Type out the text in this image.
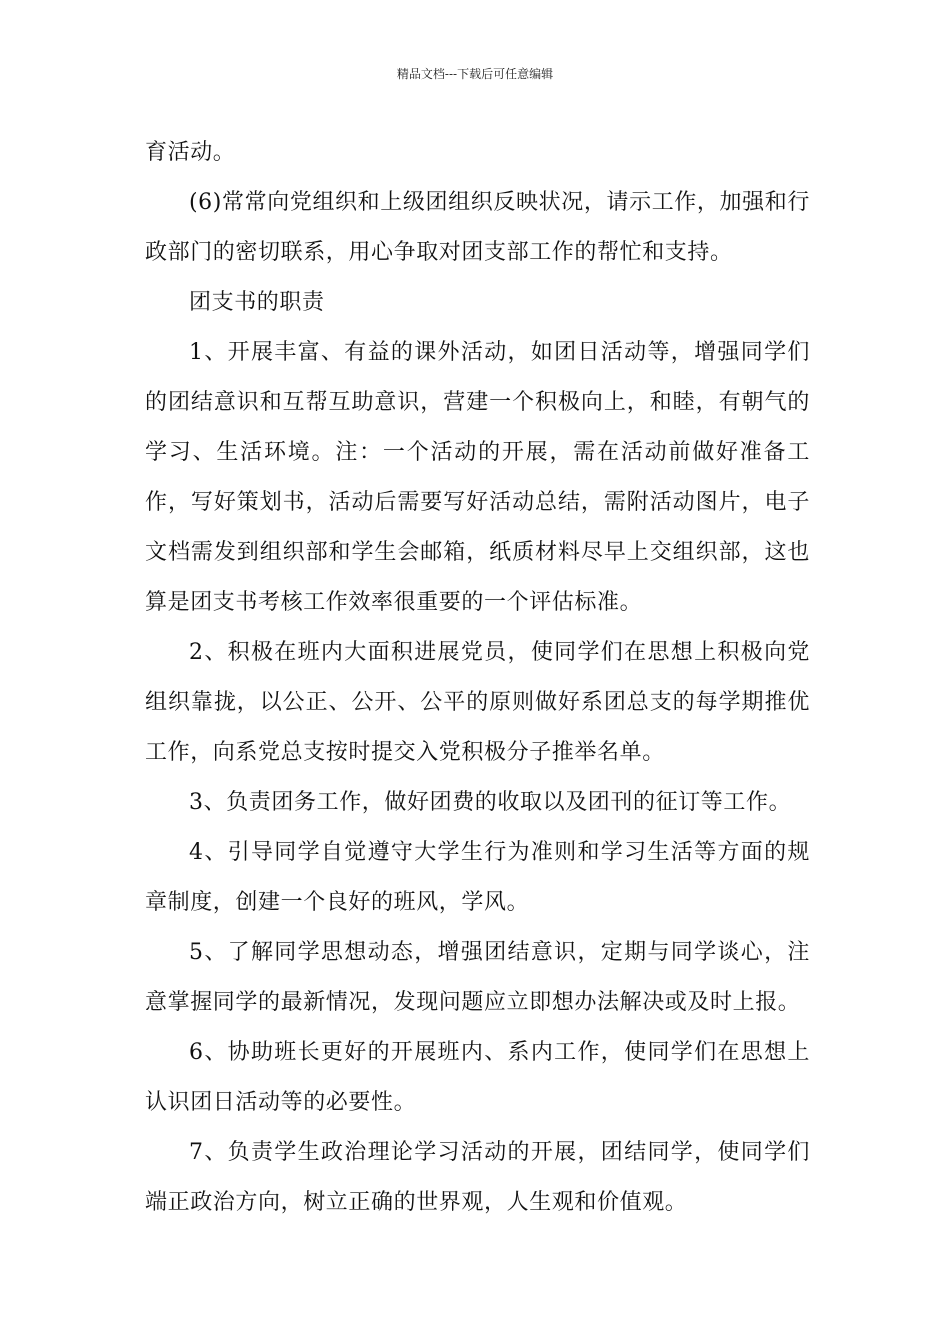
精品文档---下载后可任意编辑

育活动。

(6)常常向党组织和上级团组织反映状况，请示工作，加强和行政部门的密切联系，用心争取对团支部工作的帮忙和支持。

团支书的职责

1、开展丰富、有益的课外活动，如团日活动等，增强同学们的团结意识和互帮互助意识，营建一个积极向上，和睦，有朝气的学习、生活环境。注：一个活动的开展，需在活动前做好准备工作，写好策划书，活动后需要写好活动总结，需附活动图片，电子文档需发到组织部和学生会邮箱，纸质材料尽早上交组织部，这也算是团支书考核工作效率很重要的一个评估标准。

2、积极在班内大面积进展党员，使同学们在思想上积极向党组织靠拢，以公正、公开、公平的原则做好系团总支的每学期推优工作，向系党总支按时提交入党积极分子推举名单。

3、负责团务工作，做好团费的收取以及团刊的征订等工作。

4、引导同学自觉遵守大学生行为准则和学习生活等方面的规章制度，创建一个良好的班风，学风。

5、了解同学思想动态，增强团结意识，定期与同学谈心，注意掌握同学的最新情况，发现问题应立即想办法解决或及时上报。

6、协助班长更好的开展班内、系内工作，使同学们在思想上认识团日活动等的必要性。

7、负责学生政治理论学习活动的开展，团结同学，使同学们端正政治方向，树立正确的世界观，人生观和价值观。
